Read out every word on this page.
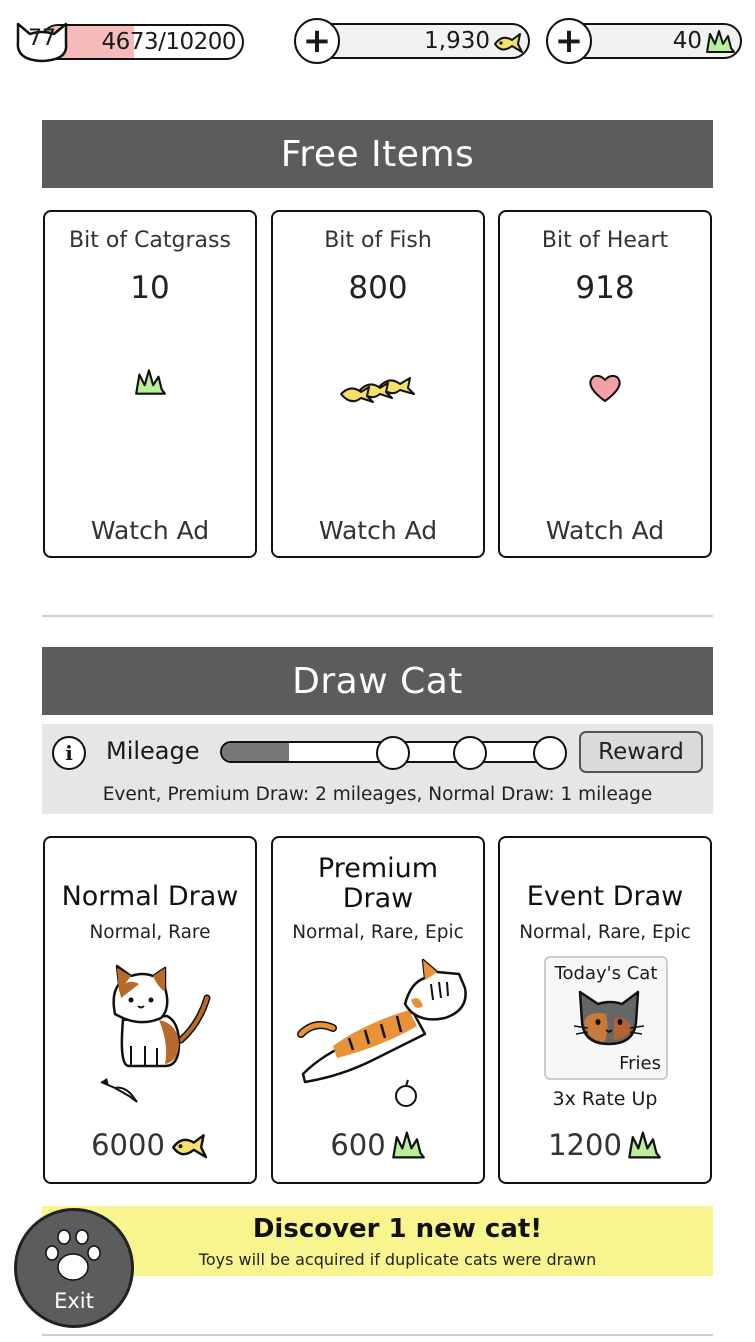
4673/10200
77	1,930
+	40
+
Free Items
Bit of Catgrass
10
Watch Ad
Bit of Fish
800
Watch Ad
Bit of Heart
918
Watch Ad
Draw Cat
i	Mileage	Reward
Event, Premium Draw: 2 mileages, Normal Draw: 1 mileage
Normal Draw
Normal, Rare
6000
Premium
Draw
Normal, Rare, Epic
600
Event Draw
Normal, Rare, Epic
Today's Cat
Fries
3x Rate Up
1200
Discover 1 new cat!
Toys will be acquired if duplicate cats were drawn
Exit
